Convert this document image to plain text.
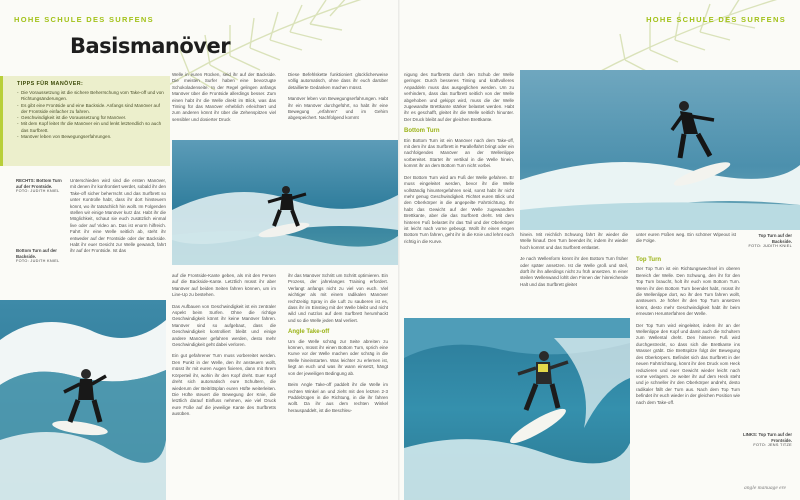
HOHE SCHULE DES SURFENS
Basismanöver
TIPPS FÜR MANÖVER:
- Die Voraussetzung ist die sichere Beherrschung vom Take-off und von Richtungsänderungen.
- Es gibt eine Frontside und eine Backside. Anfangs sind Manöver auf der Frontside einfacher zu fahren.
- Geschwindigkeit ist die Voraussetzung für Manöver.
- Mit dem Kopf leitet Ihr die Manöver ein und lenkt letztendlich so auch das Surfbrett.
- Manöver leben von Bewegungserfahrungen.
RECHTS: Bottom Turn auf der Frontside.
FOTO: JUDITH KNIEL
Bottom Turn auf der Backside.
FOTO: JUDITH KNIEL

Unterschieden wird sind die ersten Manöver, mit denen ihr konfrontiert werdet, sobald ihr den Take-off sicher beherrscht und das Surfbrett so unter Kontrolle habt, dass ihr dort hinsteuern könnt, wo ihr tatsächlich hin wollt. Im Folgenden stellen wir einige Manöver kurz dar. Habt ihr die Möglichkeit, schaut sie euch zusätzlich einmal live oder auf Video an. Das ist enorm hilfreich. Fahrt ihr eine Welle seitlich ab, steht ihr entweder auf der Frontside oder der Backside. Habt ihr euer Gesicht zur Welle gewandt, fahrt ihr auf der Frontside. Ist das

Welle in euren Rücken, seid ihr auf der Backside. Die meisten Surfer haben eine bevorzugte Schokoladenseite. In der Regel gelingen anfangs Manöver über die Frontside allerdings besser. Zum einen habt ihr die Welle direkt im Blick, was das Timing für das Manöver erheblich erleichtert und zum anderen könnt ihr über die Zehenspitzen viel sensibler und dosierter Druck

Diese Befehlskette funktioniert glücklicherweise völlig automatisch, ohne dass ihr euch darüber detaillierte Gedanken machen müsst.

Manöver leben von Bewegungserfahrungen. Habt ihr ein Manöver durchgeführt, so habt ihr eine Bewegung „erfahren“ und im Gehirn abgespeichert. Nachfolgend kommt

auf die Frontside-Kante geben, als mit den Fersen auf die Backside-Kante. Letztlich müsst ihr aber Manöver auf beiden Seiten fahren können, um im Line-Up zu bestehen.

Das Aufbauen von Geschwindigkeit ist ein zentraler Aspekt beim Surfen. Ohne die richtige Geschwindigkeit könnt ihr keine Manöver fahren. Manöver sind so aufgebaut, dass die Geschwindigkeit kontrolliert bleibt und einige andere Manöver gefahren werden, desto mehr Geschwindigkeit geht dabei verloren.

Ein gut gefahrener Turn muss vorbereitet werden. Den Punkt in der Welle, den ihr ansteuern wollt, müsst ihr mit euren Augen fixieren, dann mit Ihrem Körperteil ihr, wohin ihr den Kopf dreht. Euer Kopf dreht sich automatisch eure Schultern, die wiederum der Beitrittsplan euren Hüfte weiterleiten. Die Hüfte steuert die Bewegung der Knie, die letztlich darauf Einfluss nehmen, wie viel Druck eure Füße auf die jeweilige Kante des Surfbretts ausüben.

ihr das Manöver Schritt um Schritt optimieren. Ein Prozess, der jahrelanges Training erfordert. Verlangt anfangs nicht zu viel von euch. Viel wichtiger als mit einem radikalen Manöver rechtzeitig Spray in die Luft zu sauberen ist es, dass ihr im Einstieg mit der Welle bleibt und nicht wild und nutzlos auf dem Surfbrett herumhackt und so die Welle jeden Mal verliert.

Angle Take-off

Um die Welle schräg zur Seite abreiten zu können, müsst ihr einen Bottom Turn, sprich eine Kurve vor der Welle machen oder schräg in die Welle hineinstarten. Was leichter zu erlernen ist, liegt an euch und was ihr wann einsetzt, hängt von der jeweiligen Bedingung ab.

Beim Angle Take-off paddelt ihr die Welle im rechten Winkel an und zieht mit den letzten 2-3 Paddelzügen in die Richtung, in die ihr fahren wollt. Da ihr aus dem rechten Winkel herauspaddelt, ist die Beschleu-

HOHE SCHULE DES SURFENS

nigung des Surfbretts durch den Schub der Welle geringer. Durch besseres Timing und kraftvolleres Anpaddeln muss das ausgeglichen werden. Um zu verhindern, dass das Surfbrett seitlich von der Welle abgehoben und gekippt wird, muss die der Welle zugewandte Brettkante stärker belastet werden. Habt ihr es geschafft, gleitet ihr die Welle seitlich hinunter. Der Druck bleibt auf der gleichen Brettkante.

Bottom Turn

Ein Bottom Turn ist ein Manöver nach dem Take-off, mit dem ihr das Surfbrett in Parallelfahrt bringt oder ein nachfolgendes Manöver an der Wellenlippe vorbereitet. Startet ihr vertikal in die Welle hinein, kommt ihr an dem Bottom Turn nicht vorbei.

Der Bottom Turn wird am Fuß der Welle gefahren. Er muss eingeleitet werden, bevor ihr die Welle vollständig hinuntergefahren seid, sonst habt ihr nicht mehr genug Geschwindigkeit. Richtet euren Blick und den Oberkörper in die angepeilte Fahrtrichtung. Ihr habt das Gewicht auf der Welle zugewandten Brettkante, aber die das Surfbrett dreht. Mit dem hinteren Fuß belastet ihr das Tail und der Oberkörper ist leicht nach vorne gebeugt. Wollt ihr einen engen Bottom Turn fahren, geht ihr in die Knie und lehnt euch richtig in die Kurve.

hinein. Mit reichlich Schwung fahrt ihr wieder die Welle hinauf. Den Turn beendet ihr, indem ihr wieder hoch kommt und das Surfbrett entlastet.

Je nach Wellenform könnt ihr den Bottom Turn früher oder später ansetzen. Ist die Welle groß und steil, dürft ihr ihn allerdings nicht zu früh ansetzen. In einer steilen Wellenwand lohlt den Finnen der hinreichende Halt und das Surfbrett gleitet

unter euren Füßen weg. Ein schöner Wipeout ist die Folge.

Top Turn auf der Backside.
FOTO: JUDITH KNIEL
Top Turn

Der Top Turn ist ein Richtungswechsel im oberen Bereich der Welle. Den Schwung, den ihr für den Top Turn braucht, holt ihr euch vom Bottom Turn. Wenn ihr den Bottom Turn beendet habt, müsst ihr die Wellenlippe dort, wo ihr den Turn fahren wollt, ansteuern. Je höher ihr den Top Turn ansetzen könnt, desto mehr Geschwindigkeit habt ihr beim erneuten Herunterfahren der Welle.

Der Top Turn wird eingeleitet, indem ihr an der Wellenlippe den Kopf und damit auch die Schultern zum Wellental dreht. Den hinteren Fuß wird durchgestreckt, so dass sich die Brettkante ins Wasser gräbt. Die Brettspitze folgt der Bewegung des Oberkörpers. Befindet sich das Surfbrett in der neuen Fahrtrichtung, könnt ihr den Druck vom Heck reduzieren und euer Gewicht wieder leicht nach vorne verlagern. Je weiter ihr auf dem Heck steht und je schneller ihr den Oberkörper andreht, desto radikaler fällt der Turn aus. Nach dem Top Turn befindet ihr euch wieder in der gleichen Position wie nach dem Take-off.

LINKS: Top Turn auf der Frontside.
FOTO: JENS TITZE
angle manuage ere
